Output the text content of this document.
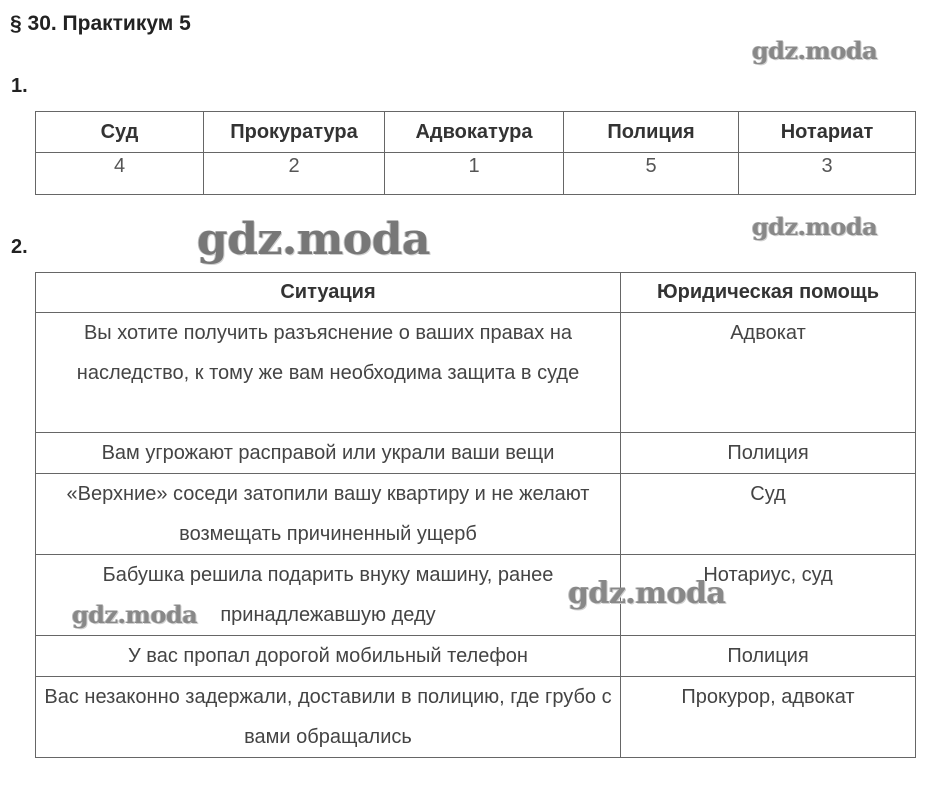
§ 30. Практикум 5
gdz.moda
1.
Суд	Прокуратура	Адвокатура	Полиция	Нотариат
4	2	1	5	3
2.	gdz.moda	gdz.moda
Ситуация	Юридическая помощь
Вы хотите получить разъяснение о ваших правах на наследство, к тому же вам необходима защита в суде	Адвокат
Вам угрожают расправой или украли ваши вещи	Полиция
«Верхние» соседи затопили вашу квартиру и не желают возмещать причиненный ущерб	Суд
Бабушка решила подарить внуку машину, ранее принадлежавшую деду	Нотариус, суд
У вас пропал дорогой мобильный телефон	Полиция
Вас незаконно задержали, доставили в полицию, где грубо с вами обращались	Прокурор, адвокат
gdz.moda
gdz.moda
